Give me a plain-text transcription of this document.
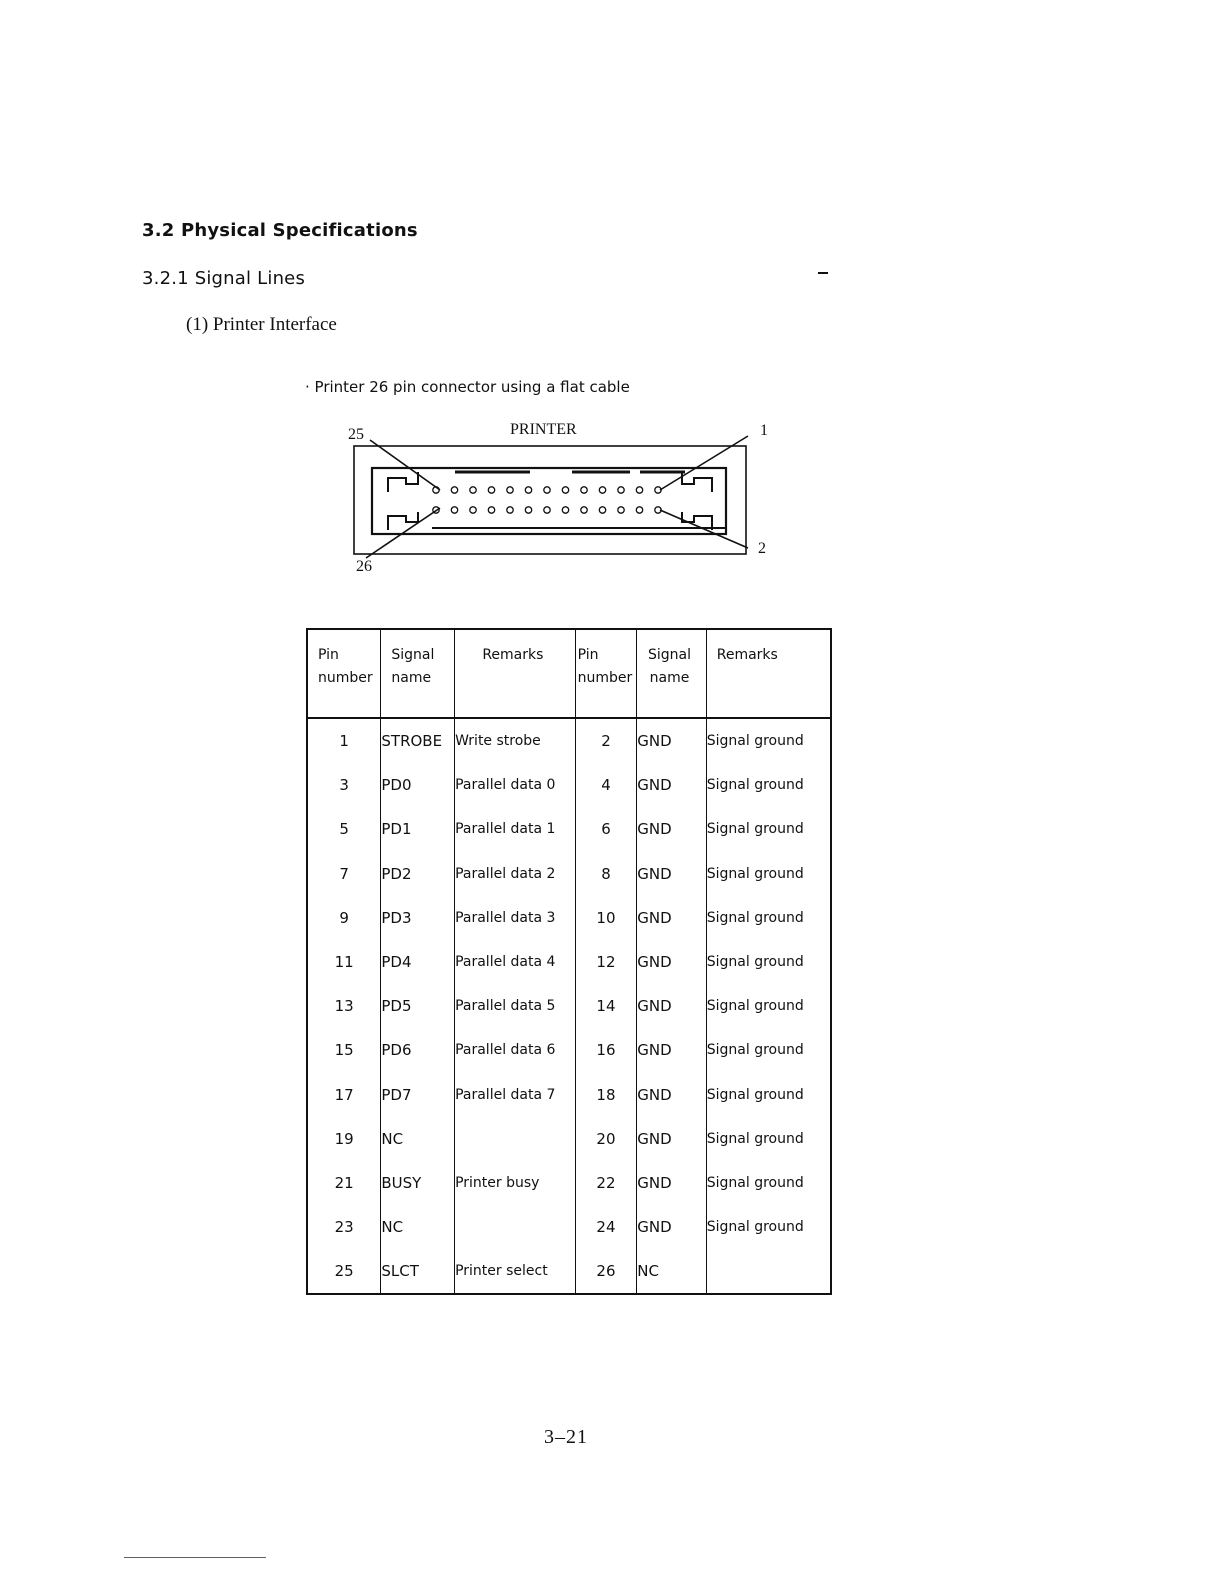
3.2 Physical Specifications
3.2.1 Signal Lines
(1) Printer Interface
· Printer 26 pin connector using a flat cable
PRINTER
25	1
2
26
Pin number	Signal name	Remarks	Pin number	Signal name	Remarks
1	STROBE	Write strobe	2	GND	Signal ground
3	PD0	Parallel data 0	4	GND	Signal ground
5	PD1	Parallel data 1	6	GND	Signal ground
7	PD2	Parallel data 2	8	GND	Signal ground
9	PD3	Parallel data 3	10	GND	Signal ground
11	PD4	Parallel data 4	12	GND	Signal ground
13	PD5	Parallel data 5	14	GND	Signal ground
15	PD6	Parallel data 6	16	GND	Signal ground
17	PD7	Parallel data 7	18	GND	Signal ground
19	NC		20	GND	Signal ground
21	BUSY	Printer busy	22	GND	Signal ground
23	NC		24	GND	Signal ground
25	SLCT	Printer select	26	NC	
3–21
